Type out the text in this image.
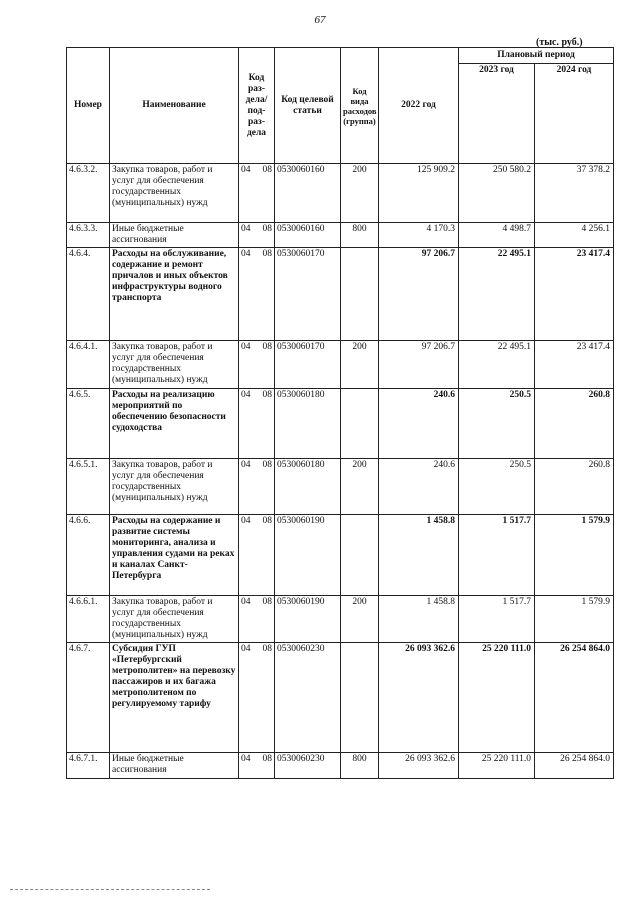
67
(тыс. руб.)
Номер	Наименование	Код раз- дела/ под- раз- дела	Код целевой статьи	Код вида расходов (группа)	2022 год	Плановый период	
						2023 год	2024 год
4.6.3.2.	Закупка товаров, работ и услуг для обеспечения государственных (муниципальных) нужд	04 08	0530060160	200	125 909.2	250 580.2	37 378.2
4.6.3.3.	Иные бюджетные ассигнования	04 08	0530060160	800	4 170.3	4 498.7	4 256.1
4.6.4.	Расходы на обслуживание, содержание и ремонт причалов и иных объектов инфраструктуры водного транспорта	04 08	0530060170		97 206.7	22 495.1	23 417.4
4.6.4.1.	Закупка товаров, работ и услуг для обеспечения государственных (муниципальных) нужд	04 08	0530060170	200	97 206.7	22 495.1	23 417.4
4.6.5.	Расходы на реализацию мероприятий по обеспечению безопасности судоходства	04 08	0530060180		240.6	250.5	260.8
4.6.5.1.	Закупка товаров, работ и услуг для обеспечения государственных (муниципальных) нужд	04 08	0530060180	200	240.6	250.5	260.8
4.6.6.	Расходы на содержание и развитие системы мониторинга, анализа и управления судами на реках и каналах Санкт-Петербурга	04 08	0530060190		1 458.8	1 517.7	1 579.9
4.6.6.1.	Закупка товаров, работ и услуг для обеспечения государственных (муниципальных) нужд	04 08	0530060190	200	1 458.8	1 517.7	1 579.9
4.6.7.	Субсидия ГУП «Петербургский метрополитен» на перевозку пассажиров и их багажа метрополитеном по регулируемому тарифу	04 08	0530060230		26 093 362.6	25 220 111.0	26 254 864.0
4.6.7.1.	Иные бюджетные ассигнования	04 08	0530060230	800	26 093 362.6	25 220 111.0	26 254 864.0
